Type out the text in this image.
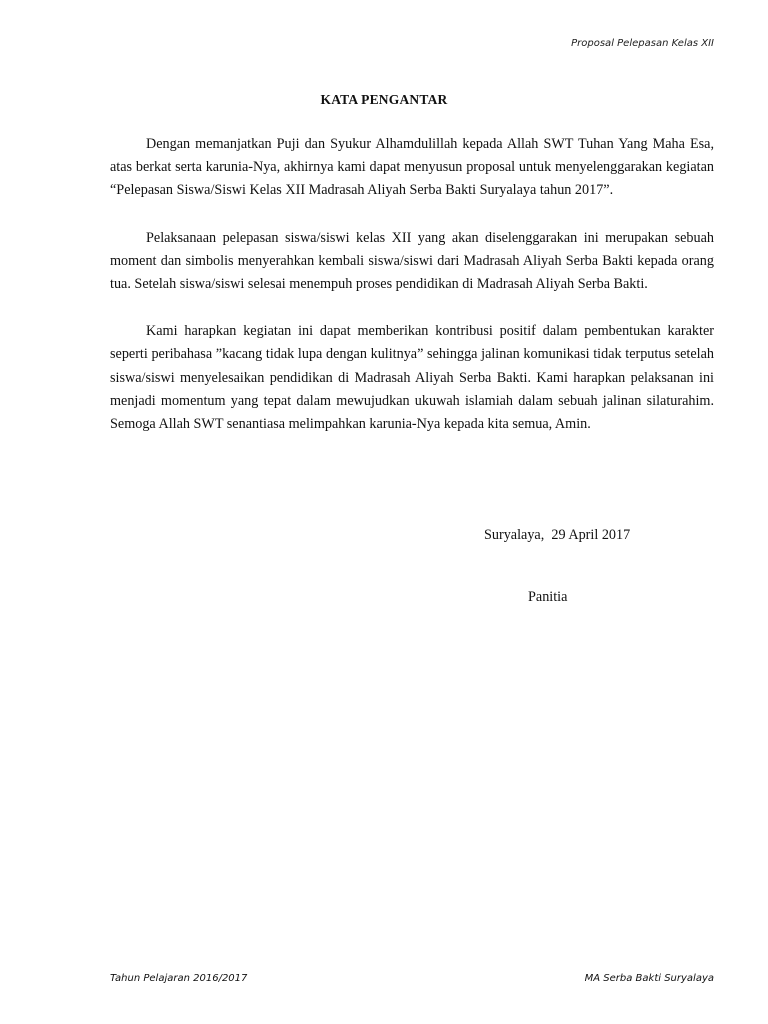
Proposal Pelepasan Kelas XII
KATA PENGANTAR

Dengan memanjatkan Puji dan Syukur Alhamdulillah kepada Allah SWT Tuhan Yang Maha Esa, atas berkat serta karunia-Nya, akhirnya kami dapat menyusun proposal untuk menyelenggarakan kegiatan “Pelepasan Siswa/Siswi Kelas XII Madrasah Aliyah Serba Bakti Suryalaya tahun 2017”.

Pelaksanaan pelepasan siswa/siswi kelas XII yang akan diselenggarakan ini merupakan sebuah moment dan simbolis menyerahkan kembali siswa/siswi dari Madrasah Aliyah Serba Bakti kepada orang tua. Setelah siswa/siswi selesai menempuh proses pendidikan di Madrasah Aliyah Serba Bakti.

Kami harapkan kegiatan ini dapat memberikan kontribusi positif dalam pembentukan karakter seperti peribahasa ”kacang tidak lupa dengan kulitnya” sehingga jalinan komunikasi tidak terputus setelah siswa/siswi menyelesaikan pendidikan di Madrasah Aliyah Serba Bakti. Kami harapkan pelaksanan ini menjadi momentum yang tepat dalam mewujudkan ukuwah islamiah dalam sebuah jalinan silaturahim. Semoga Allah SWT senantiasa melimpahkan karunia-Nya kepada kita semua, Amin.

Suryalaya,  29 April 2017
Panitia
Tahun Pelajaran 2016/2017	MA Serba Bakti Suryalaya
